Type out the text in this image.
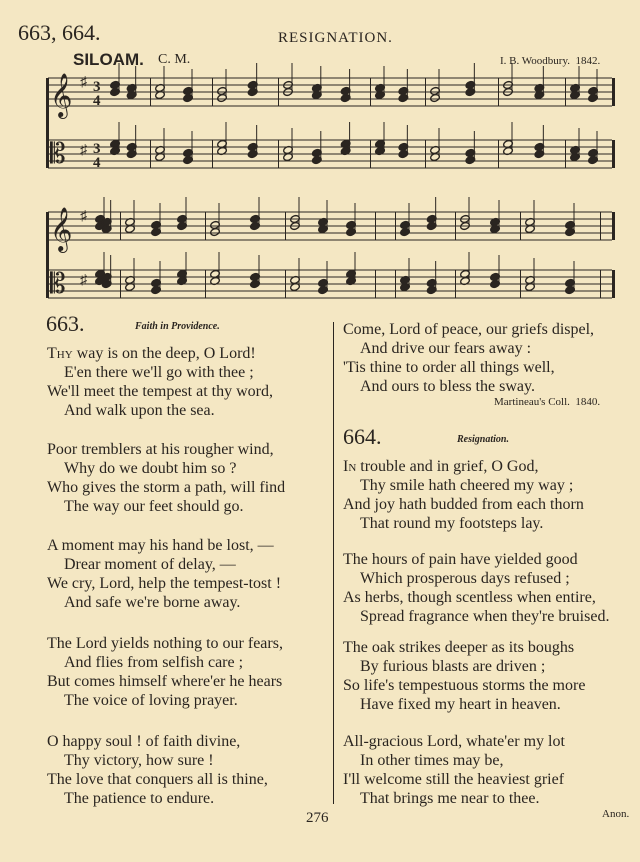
𝄞
𝄡
♯
♯
3
4
3
4
𝄞
𝄡
♯
♯
663, 664.	RESIGNATION.
SILOAM. C. M.	I. B. Woodbury. 1842.
663.	Faith in Providence.
Thy way is on the deep, O Lord!
E'en there we'll go with thee ;
We'll meet the tempest at thy word,
And walk upon the sea.
Poor tremblers at his rougher wind,
Why do we doubt him so ?
Who gives the storm a path, will find
The way our feet should go.
A moment may his hand be lost, —
Drear moment of delay, —
We cry, Lord, help the tempest-tost !
And safe we're borne away.
The Lord yields nothing to our fears,
And flies from selfish care ;
But comes himself where'er he hears
The voice of loving prayer.
O happy soul ! of faith divine,
Thy victory, how sure !
The love that conquers all is thine,
The patience to endure.
Come, Lord of peace, our griefs dispel,
And drive our fears away :
'Tis thine to order all things well,
And ours to bless the sway.
Martineau's Coll. 1840.
664.	Resignation.
In trouble and in grief, O God,
Thy smile hath cheered my way ;
And joy hath budded from each thorn
That round my footsteps lay.
The hours of pain have yielded good
Which prosperous days refused ;
As herbs, though scentless when entire,
Spread fragrance when they're bruised.
The oak strikes deeper as its boughs
By furious blasts are driven ;
So life's tempestuous storms the more
Have fixed my heart in heaven.
All-gracious Lord, whate'er my lot
In other times may be,
I'll welcome still the heaviest grief
That brings me near to thee.
Anon.
276
